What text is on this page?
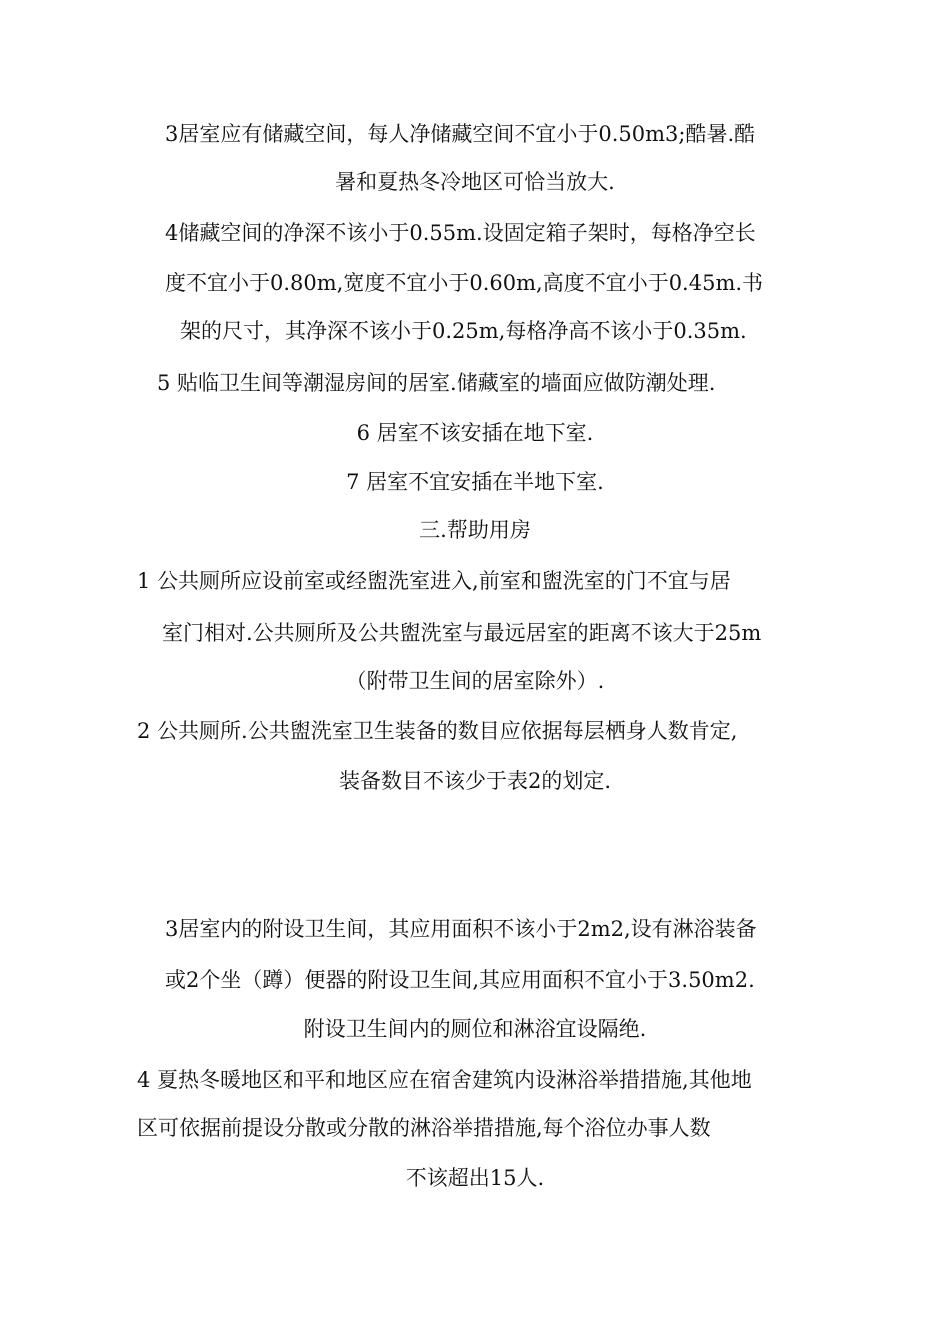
3居室应有储藏空间，每人净储藏空间不宜小于0.50m3;酷暑.酷
暑和夏热冬冷地区可恰当放大.
4储藏空间的净深不该小于0.55m.设固定箱子架时，每格净空长
度不宜小于0.80m,宽度不宜小于0.60m,高度不宜小于0.45m.书
架的尺寸，其净深不该小于0.25m,每格净高不该小于0.35m.
5 贴临卫生间等潮湿房间的居室.储藏室的墙面应做防潮处理.
6 居室不该安插在地下室.
7 居室不宜安插在半地下室.
三.帮助用房
1 公共厕所应设前室或经盥洗室进入,前室和盥洗室的门不宜与居
室门相对.公共厕所及公共盥洗室与最远居室的距离不该大于25m
（附带卫生间的居室除外）.
2 公共厕所.公共盥洗室卫生装备的数目应依据每层栖身人数肯定,
装备数目不该少于表2的划定.
3居室内的附设卫生间，其应用面积不该小于2m2,设有淋浴装备
或2个坐（蹲）便器的附设卫生间,其应用面积不宜小于3.50m2.
附设卫生间内的厕位和淋浴宜设隔绝.
4 夏热冬暖地区和平和地区应在宿舍建筑内设淋浴举措措施,其他地
区可依据前提设分散或分散的淋浴举措措施,每个浴位办事人数
不该超出15人.
